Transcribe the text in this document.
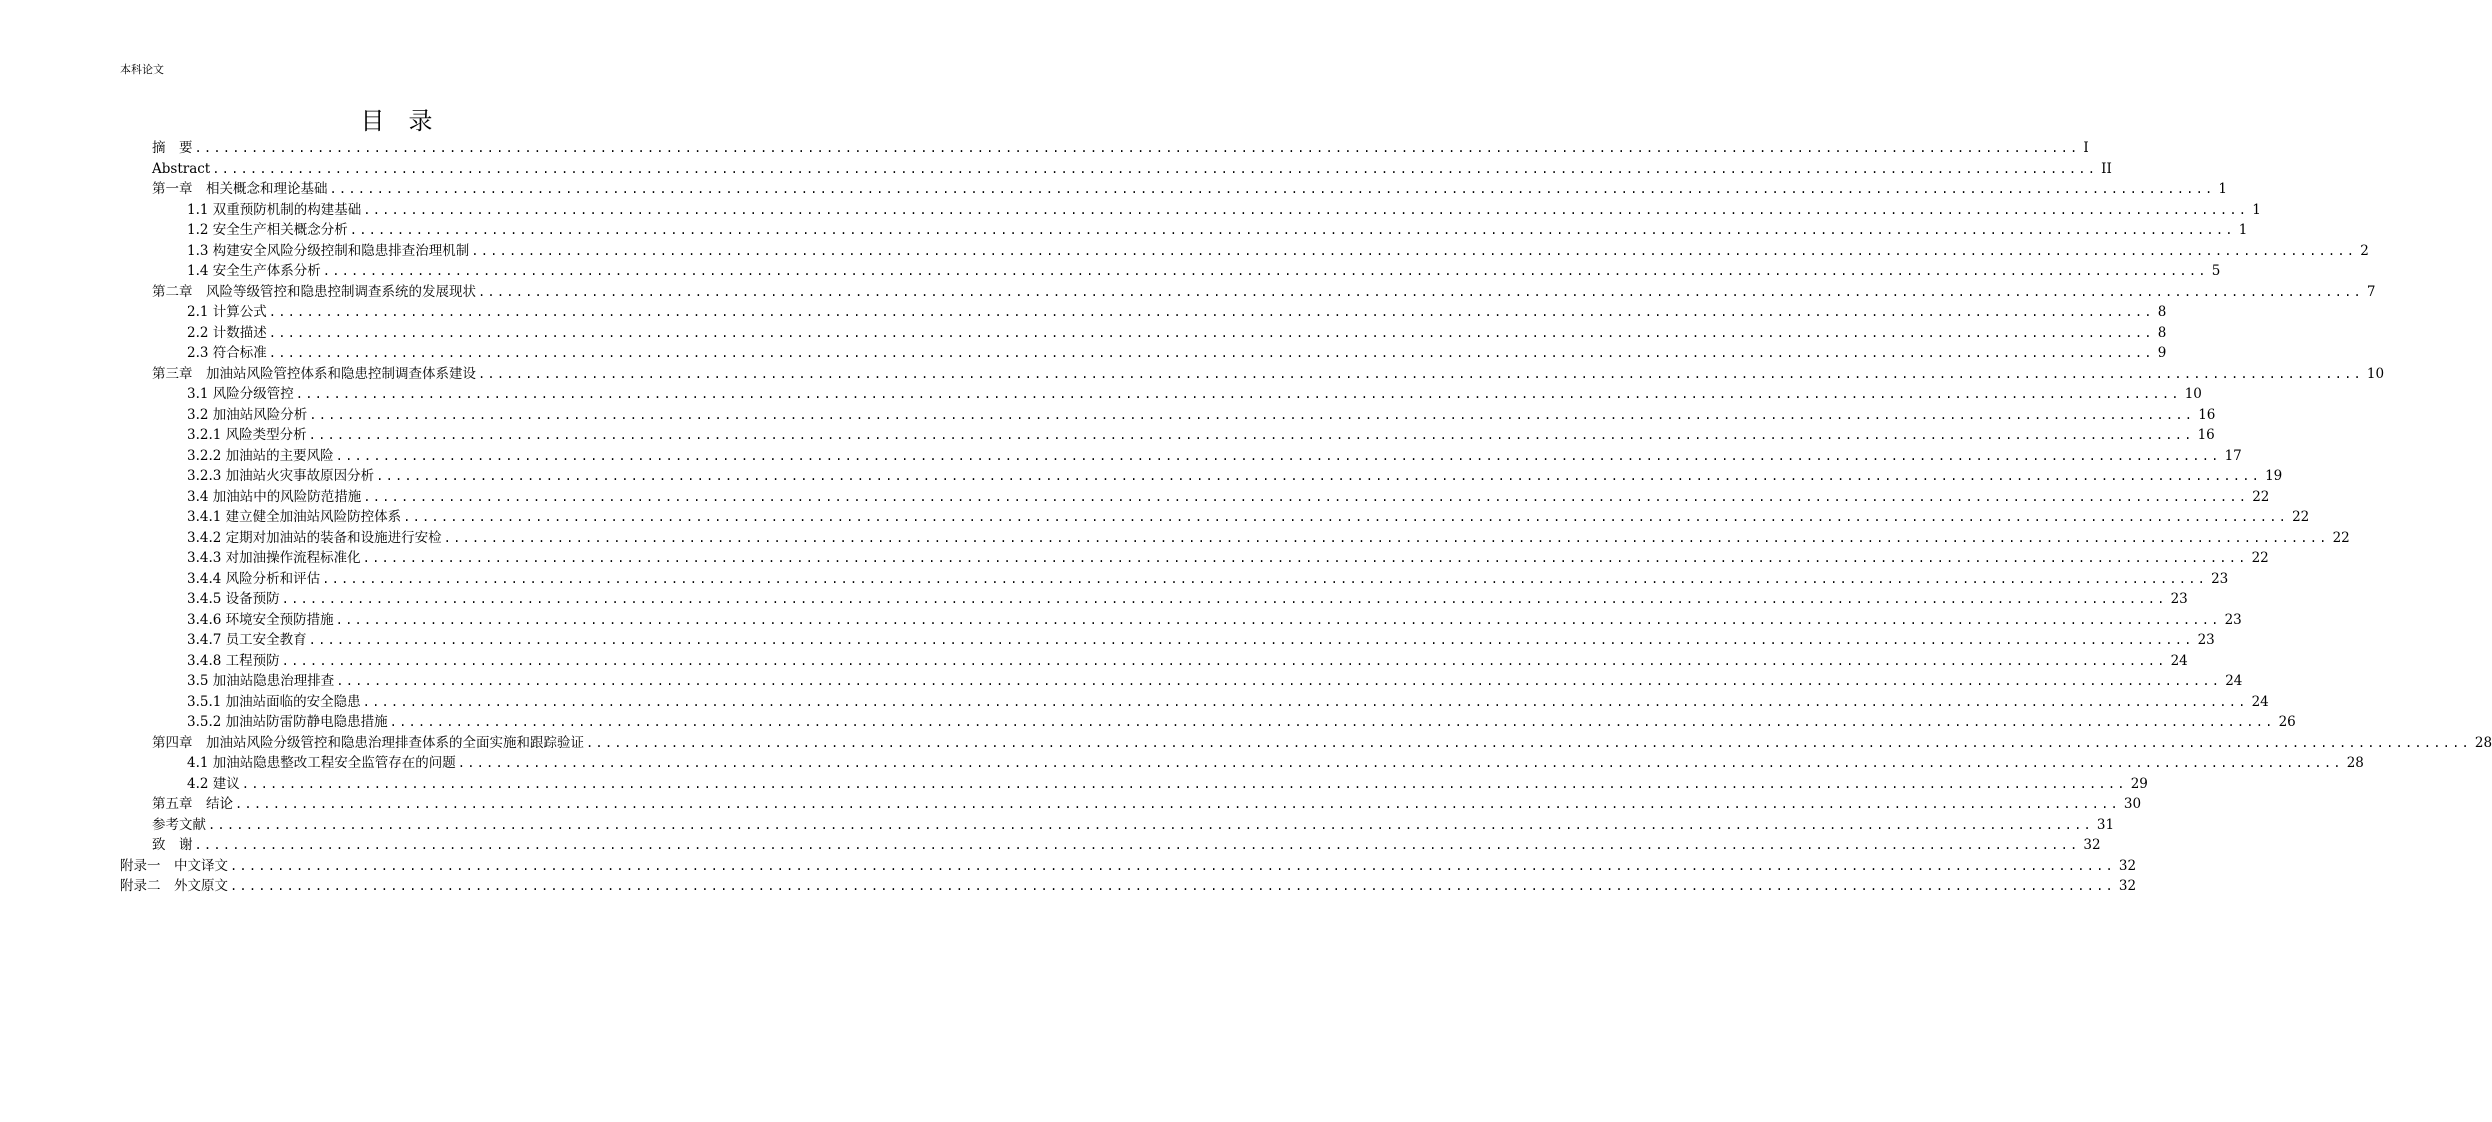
本科论文
目　录
摘　要 ........................................................................................................................................................................................................ I
Abstract ........................................................................................................................................................................................................ II
第一章　相关概念和理论基础 ........................................................................................................................................................................................................ 1
1.1 双重预防机制的构建基础 ........................................................................................................................................................................................................ 1
1.2 安全生产相关概念分析 ........................................................................................................................................................................................................ 1
1.3 构建安全风险分级控制和隐患排查治理机制 ........................................................................................................................................................................................................ 2
1.4 安全生产体系分析 ........................................................................................................................................................................................................ 5
第二章　风险等级管控和隐患控制调查系统的发展现状 ........................................................................................................................................................................................................ 7
2.1 计算公式 ........................................................................................................................................................................................................ 8
2.2 计数描述 ........................................................................................................................................................................................................ 8
2.3 符合标准 ........................................................................................................................................................................................................ 9
第三章　加油站风险管控体系和隐患控制调查体系建设 ........................................................................................................................................................................................................ 10
3.1 风险分级管控 ........................................................................................................................................................................................................ 10
3.2 加油站风险分析 ........................................................................................................................................................................................................ 16
3.2.1 风险类型分析 ........................................................................................................................................................................................................ 16
3.2.2 加油站的主要风险 ........................................................................................................................................................................................................ 17
3.2.3 加油站火灾事故原因分析 ........................................................................................................................................................................................................ 19
3.4 加油站中的风险防范措施 ........................................................................................................................................................................................................ 22
3.4.1 建立健全加油站风险防控体系 ........................................................................................................................................................................................................ 22
3.4.2 定期对加油站的装备和设施进行安检 ........................................................................................................................................................................................................ 22
3.4.3 对加油操作流程标准化 ........................................................................................................................................................................................................ 22
3.4.4 风险分析和评估 ........................................................................................................................................................................................................ 23
3.4.5 设备预防 ........................................................................................................................................................................................................ 23
3.4.6 环境安全预防措施 ........................................................................................................................................................................................................ 23
3.4.7 员工安全教育 ........................................................................................................................................................................................................ 23
3.4.8 工程预防 ........................................................................................................................................................................................................ 24
3.5 加油站隐患治理排查 ........................................................................................................................................................................................................ 24
3.5.1 加油站面临的安全隐患 ........................................................................................................................................................................................................ 24
3.5.2 加油站防雷防静电隐患措施 ........................................................................................................................................................................................................ 26
第四章　加油站风险分级管控和隐患治理排查体系的全面实施和跟踪验证 ........................................................................................................................................................................................................ 28
4.1 加油站隐患整改工程安全监管存在的问题 ........................................................................................................................................................................................................ 28
4.2 建议 ........................................................................................................................................................................................................ 29
第五章　结论 ........................................................................................................................................................................................................ 30
参考文献 ........................................................................................................................................................................................................ 31
致　谢 ........................................................................................................................................................................................................ 32
附录一　中文译文 ........................................................................................................................................................................................................ 32
附录二　外文原文 ........................................................................................................................................................................................................ 32
